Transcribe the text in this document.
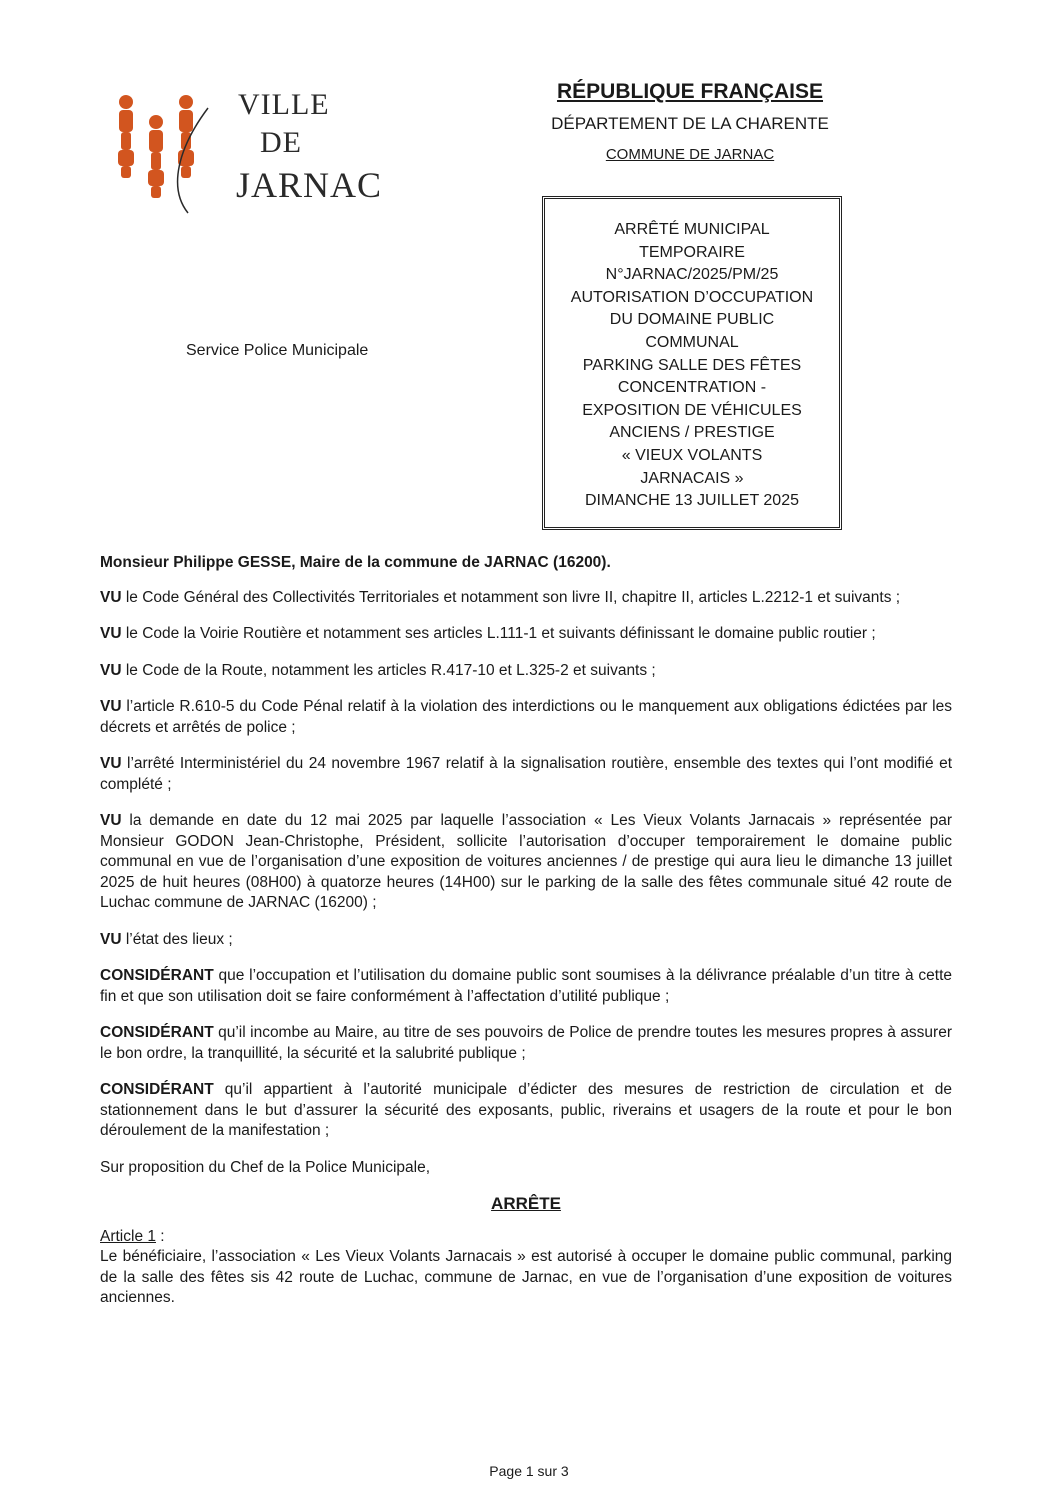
VILLE
DE
JARNAC
RÉPUBLIQUE FRANÇAISE
DÉPARTEMENT DE LA CHARENTE
COMMUNE DE JARNAC
Service Police Municipale
ARRÊTÉ MUNICIPAL
TEMPORAIRE
N°JARNAC/2025/PM/25
AUTORISATION D’OCCUPATION
DU DOMAINE PUBLIC
COMMUNAL
PARKING SALLE DES FÊTES
CONCENTRATION -
EXPOSITION DE VÉHICULES
ANCIENS / PRESTIGE
« VIEUX VOLANTS
JARNACAIS »
DIMANCHE 13 JUILLET 2025

Monsieur Philippe GESSE, Maire de la commune de JARNAC (16200).

VU le Code Général des Collectivités Territoriales et notamment son livre II, chapitre II, articles L.2212-1 et suivants ;

VU le Code la Voirie Routière et notamment ses articles L.111-1 et suivants définissant le domaine public routier ;

VU le Code de la Route, notamment les articles R.417-10 et L.325-2 et suivants ;

VU l’article R.610-5 du Code Pénal relatif à la violation des interdictions ou le manquement aux obligations édictées par les décrets et arrêtés de police ;

VU l’arrêté Interministériel du 24 novembre 1967 relatif à la signalisation routière, ensemble des textes qui l’ont modifié et complété ;

VU la demande en date du 12 mai 2025 par laquelle l’association « Les Vieux Volants Jarnacais » représentée par Monsieur GODON Jean-Christophe, Président, sollicite l’autorisation d’occuper temporairement le domaine public communal en vue de l’organisation d’une exposition de voitures anciennes / de prestige qui aura lieu le dimanche 13 juillet 2025 de huit heures (08H00) à quatorze heures (14H00) sur le parking de la salle des fêtes communale situé 42 route de Luchac commune de JARNAC (16200) ;

VU l’état des lieux ;

CONSIDÉRANT que l’occupation et l’utilisation du domaine public sont soumises à la délivrance préalable d’un titre à cette fin et que son utilisation doit se faire conformément à l’affectation d’utilité publique ;

CONSIDÉRANT qu’il incombe au Maire, au titre de ses pouvoirs de Police de prendre toutes les mesures propres à assurer le bon ordre, la tranquillité, la sécurité et la salubrité publique ;

CONSIDÉRANT qu’il appartient à l’autorité municipale d’édicter des mesures de restriction de circulation et de stationnement dans le but d’assurer la sécurité des exposants, public, riverains et usagers de la route et pour le bon déroulement de la manifestation ;

Sur proposition du Chef de la Police Municipale,

ARRÊTE

Article 1 :

Le bénéficiaire, l’association « Les Vieux Volants Jarnacais » est autorisé à occuper le domaine public communal, parking de la salle des fêtes sis 42 route de Luchac, commune de Jarnac, en vue de l’organisation d’une exposition de voitures anciennes.

Page 1 sur 3
